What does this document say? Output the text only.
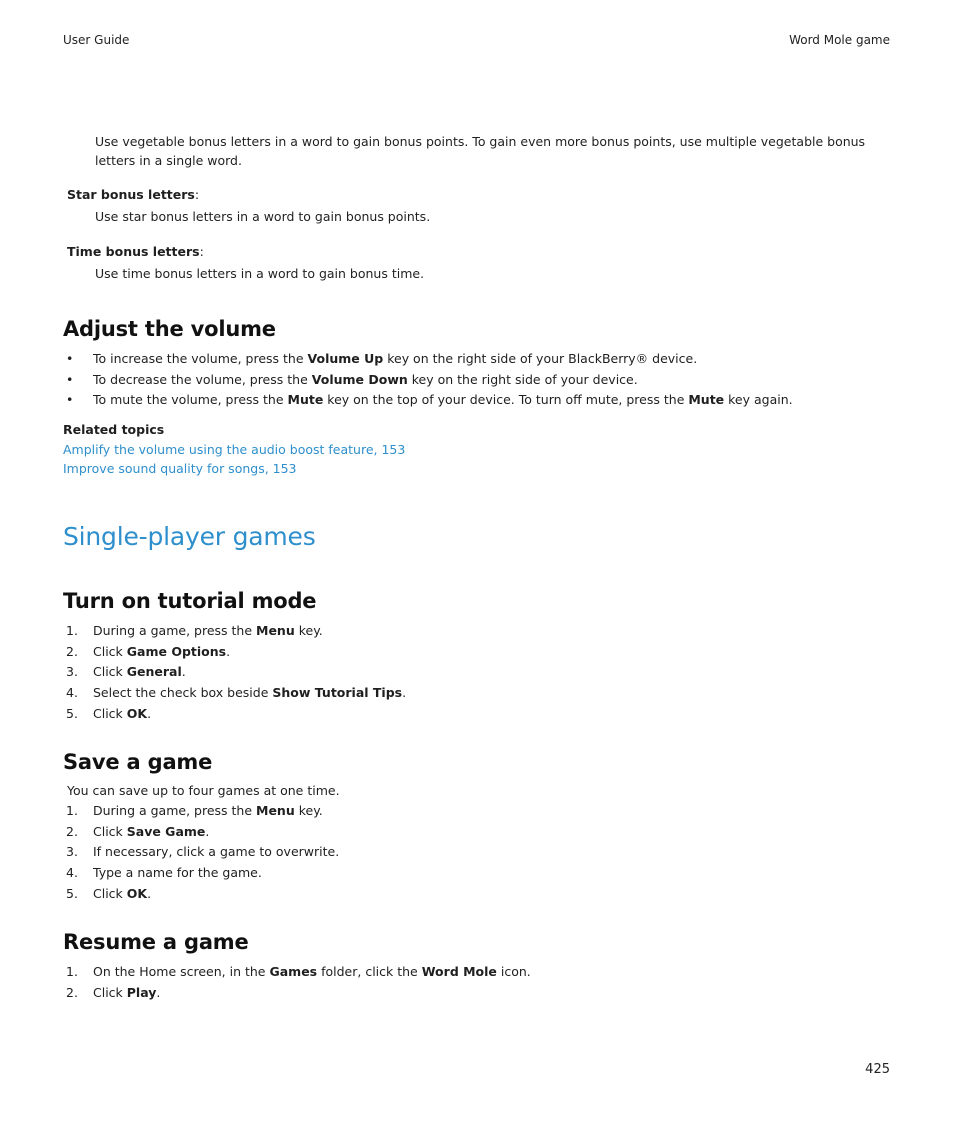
User Guide	Word Mole game

Use vegetable bonus letters in a word to gain bonus points. To gain even more bonus points, use multiple vegetable bonus letters in a single word.

Star bonus letters:

Use star bonus letters in a word to gain bonus points.

Time bonus letters:

Use time bonus letters in a word to gain bonus time.

Adjust the volume
• To increase the volume, press the Volume Up key on the right side of your BlackBerry® device.
• To decrease the volume, press the Volume Down key on the right side of your device.
• To mute the volume, press the Mute key on the top of your device. To turn off mute, press the Mute key again.
Related topics
Amplify the volume using the audio boost feature, 153
Improve sound quality for songs, 153
Single-player games
Turn on tutorial mode
1. During a game, press the Menu key.
2. Click Game Options.
3. Click General.
4. Select the check box beside Show Tutorial Tips.
5. Click OK.
Save a game

You can save up to four games at one time.

1. During a game, press the Menu key.
2. Click Save Game.
3. If necessary, click a game to overwrite.
4. Type a name for the game.
5. Click OK.
Resume a game
1. On the Home screen, in the Games folder, click the Word Mole icon.
2. Click Play.
425
